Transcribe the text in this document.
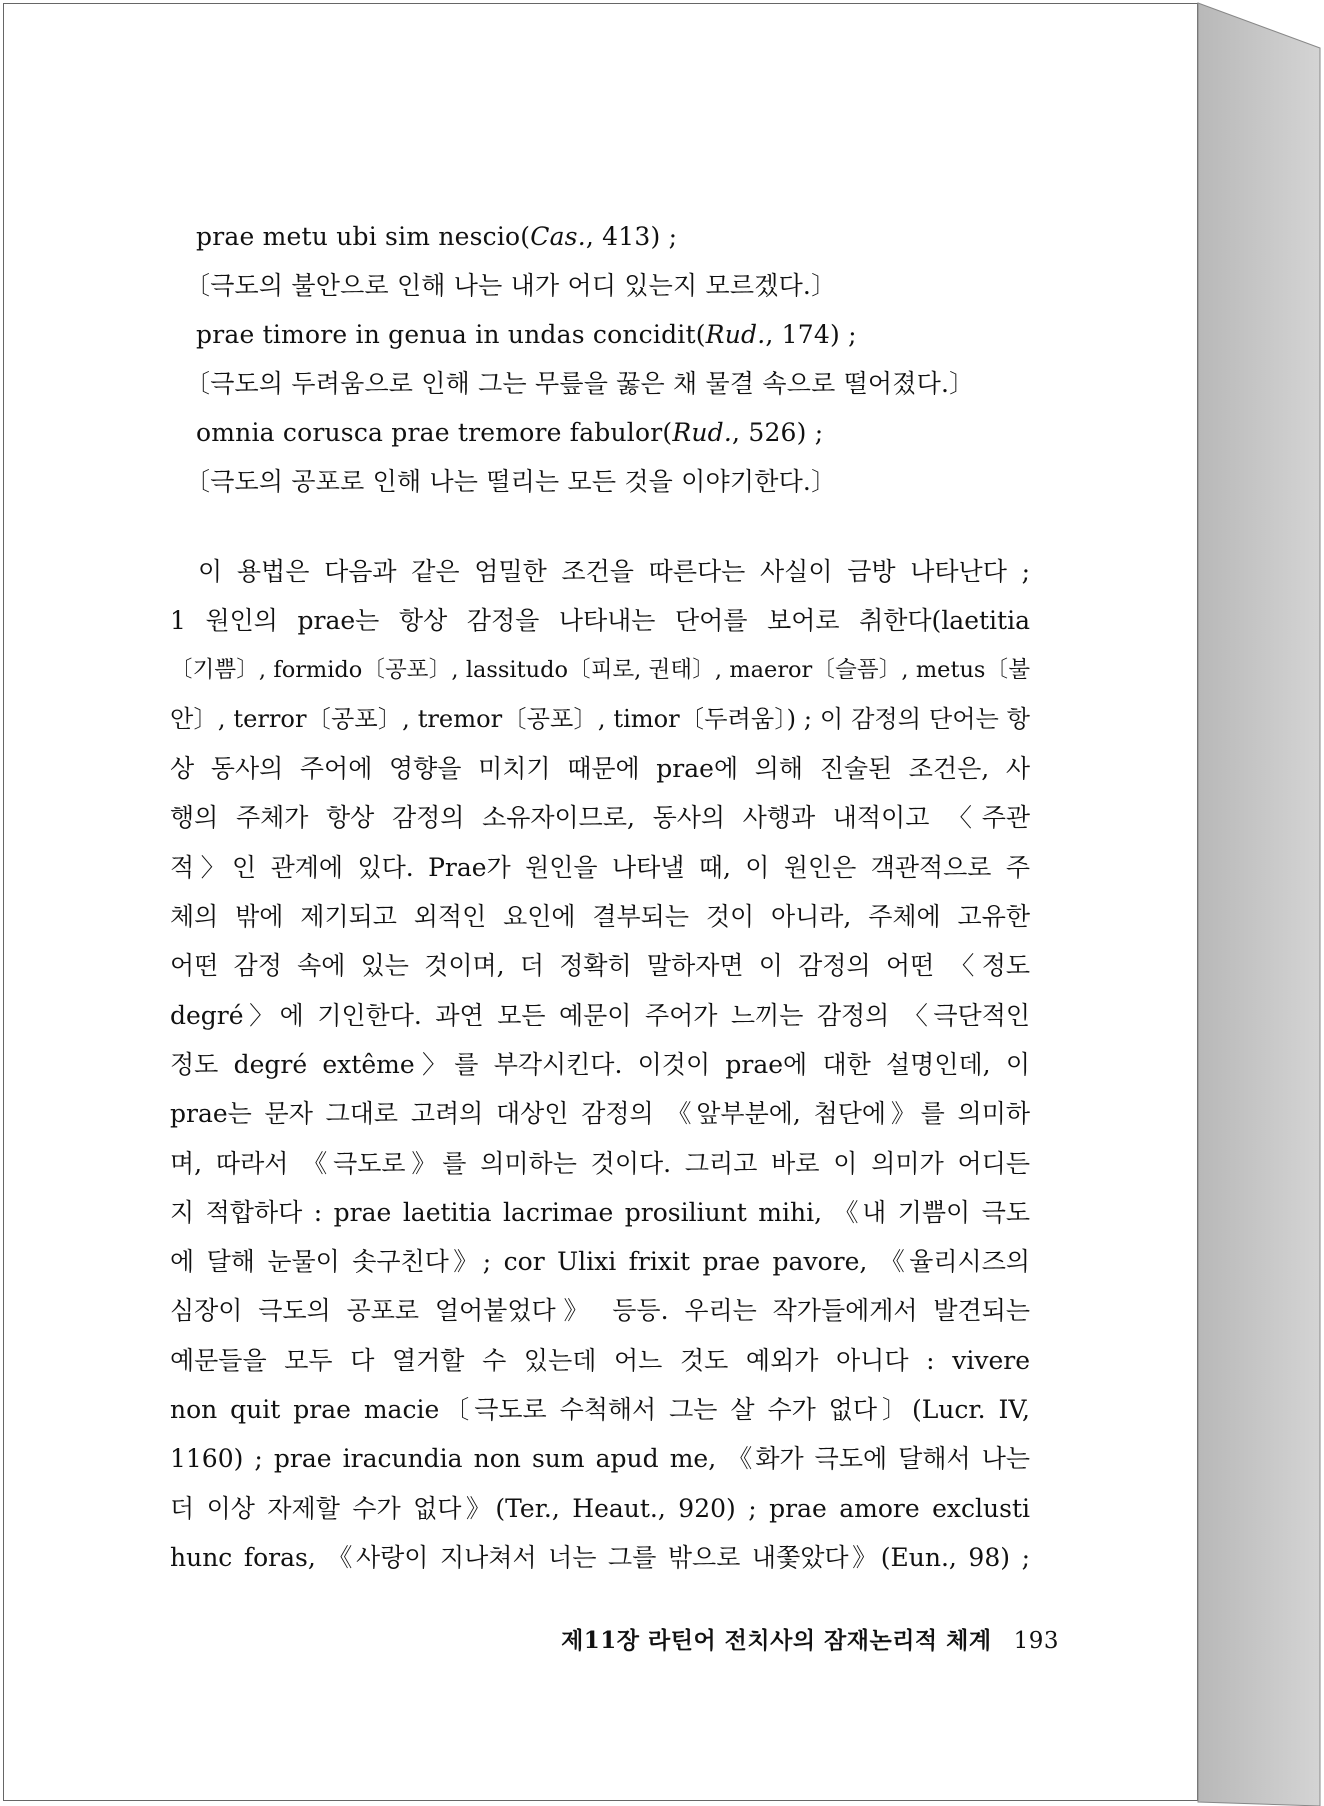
prae metu ubi sim nescio(Cas., 413) ;
〔극도의 불안으로 인해 나는 내가 어디 있는지 모르겠다.〕
prae timore in genua in undas concidit(Rud., 174) ;
〔극도의 두려움으로 인해 그는 무릎을 꿇은 채 물결 속으로 떨어졌다.〕
omnia corusca prae tremore fabulor(Rud., 526) ;
〔극도의 공포로 인해 나는 떨리는 모든 것을 이야기한다.〕
이 용법은 다음과 같은 엄밀한 조건을 따른다는 사실이 금방 나타난다 ;
1 원인의 prae는 항상 감정을 나타내는 단어를 보어로 취한다(laetitia
〔기쁨〕, formido〔공포〕, lassitudo〔피로, 권태〕, maeror〔슬픔〕, metus〔불
안〕, terror〔공포〕, tremor〔공포〕, timor〔두려움〕) ; 이 감정의 단어는 항
상 동사의 주어에 영향을 미치기 때문에 prae에 의해 진술된 조건은, 사
행의 주체가 항상 감정의 소유자이므로, 동사의 사행과 내적이고 〈주관
적〉인 관계에 있다. Prae가 원인을 나타낼 때, 이 원인은 객관적으로 주
체의 밖에 제기되고 외적인 요인에 결부되는 것이 아니라, 주체에 고유한
어떤 감정 속에 있는 것이며, 더 정확히 말하자면 이 감정의 어떤 〈정도
degré〉에 기인한다. 과연 모든 예문이 주어가 느끼는 감정의 〈극단적인
정도 degré extême〉를 부각시킨다. 이것이 prae에 대한 설명인데, 이
prae는 문자 그대로 고려의 대상인 감정의 《앞부분에, 첨단에》를 의미하
며, 따라서 《극도로》를 의미하는 것이다. 그리고 바로 이 의미가 어디든
지 적합하다 : prae laetitia lacrimae prosiliunt mihi, 《내 기쁨이 극도
에 달해 눈물이 솟구친다》; cor Ulixi frixit prae pavore, 《율리시즈의
심장이 극도의 공포로 얼어붙었다》 등등. 우리는 작가들에게서 발견되는
예문들을 모두 다 열거할 수 있는데 어느 것도 예외가 아니다 : vivere
non quit prae macie〔극도로 수척해서 그는 살 수가 없다〕(Lucr. IV,
1160) ; prae iracundia non sum apud me, 《화가 극도에 달해서 나는
더 이상 자제할 수가 없다》(Ter., Heaut., 920) ; prae amore exclusti
hunc foras, 《사랑이 지나쳐서 너는 그를 밖으로 내쫓았다》(Eun., 98) ;
제11장 라틴어 전치사의 잠재논리적 체계 193
